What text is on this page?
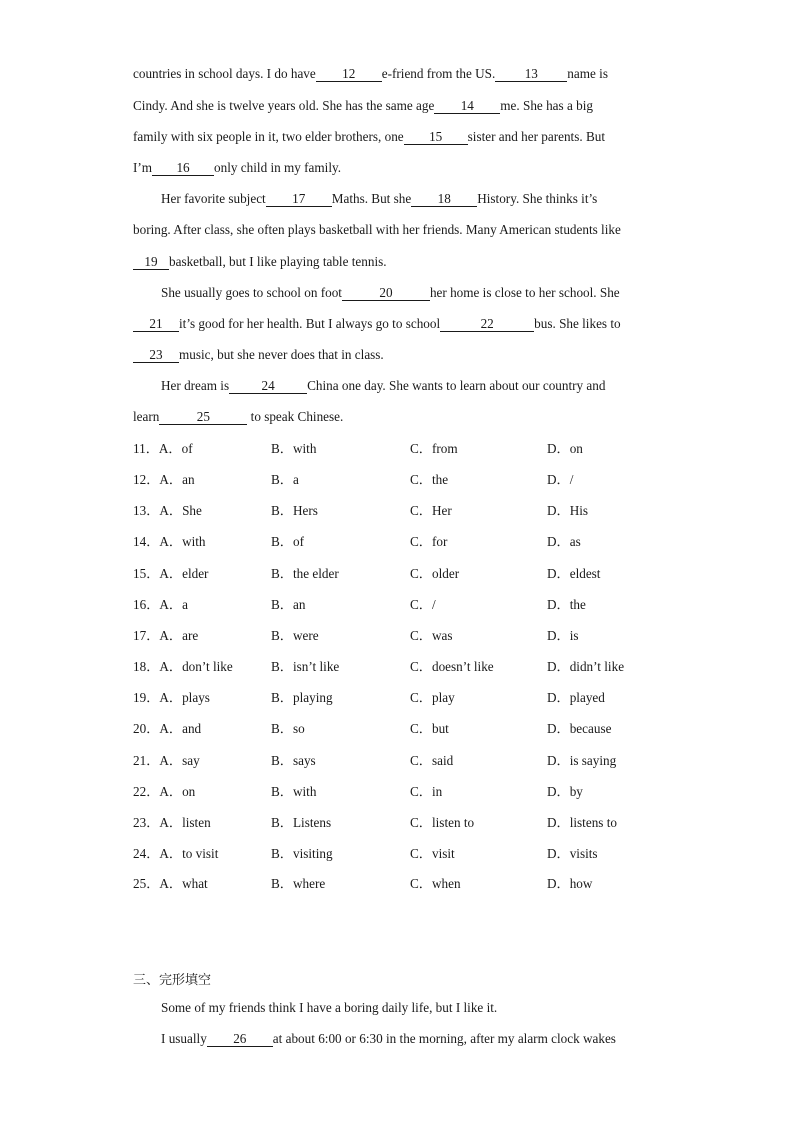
countries in school days. I do have 12 e-friend from the US. 13 name is
Cindy. And she is twelve years old. She has the same age 14 me. She has a big
family with six people in it, two elder brothers, one 15 sister and her parents. But
I’m 16 only child in my family.
Her favorite subject 17 Maths. But she 18 History. She thinks it’s
boring. After class, she often plays basketball with her friends. Many American students like
19 basketball, but I like playing table tennis.
She usually goes to school on foot	20	her home is close to her school. She
21 it’s good for her health. But I always go to school	22	bus. She likes to
23 music, but she never does that in class.
Her dream is 24 China one day. She wants to learn about our country and
learn	25	to speak Chinese.
11．A．of	B．with	C．from	D．on
12．A．an	B．a	C．the	D．/
13．A．She	B．Hers	C．Her	D．His
14．A．with	B．of	C．for	D．as
15．A．elder	B．the elder	C．older	D．eldest
16．A．a	B．an	C．/	D．the
17．A．are	B．were	C．was	D．is
18．A．don’t like	B．isn’t like	C．doesn’t like	D．didn’t like
19．A．plays	B．playing	C．play	D．played
20．A．and	B．so	C．but	D．because
21．A．say	B．says	C．said	D．is saying
22．A．on	B．with	C．in	D．by
23．A．listen	B．Listens	C．listen to	D．listens to
24．A．to visit	B．visiting	C．visit	D．visits
25．A．what	B．where	C．when	D．how
三、完形填空
Some of my friends think I have a boring daily life, but I like it.
I usually 26 at about 6:00 or 6:30 in the morning, after my alarm clock wakes
